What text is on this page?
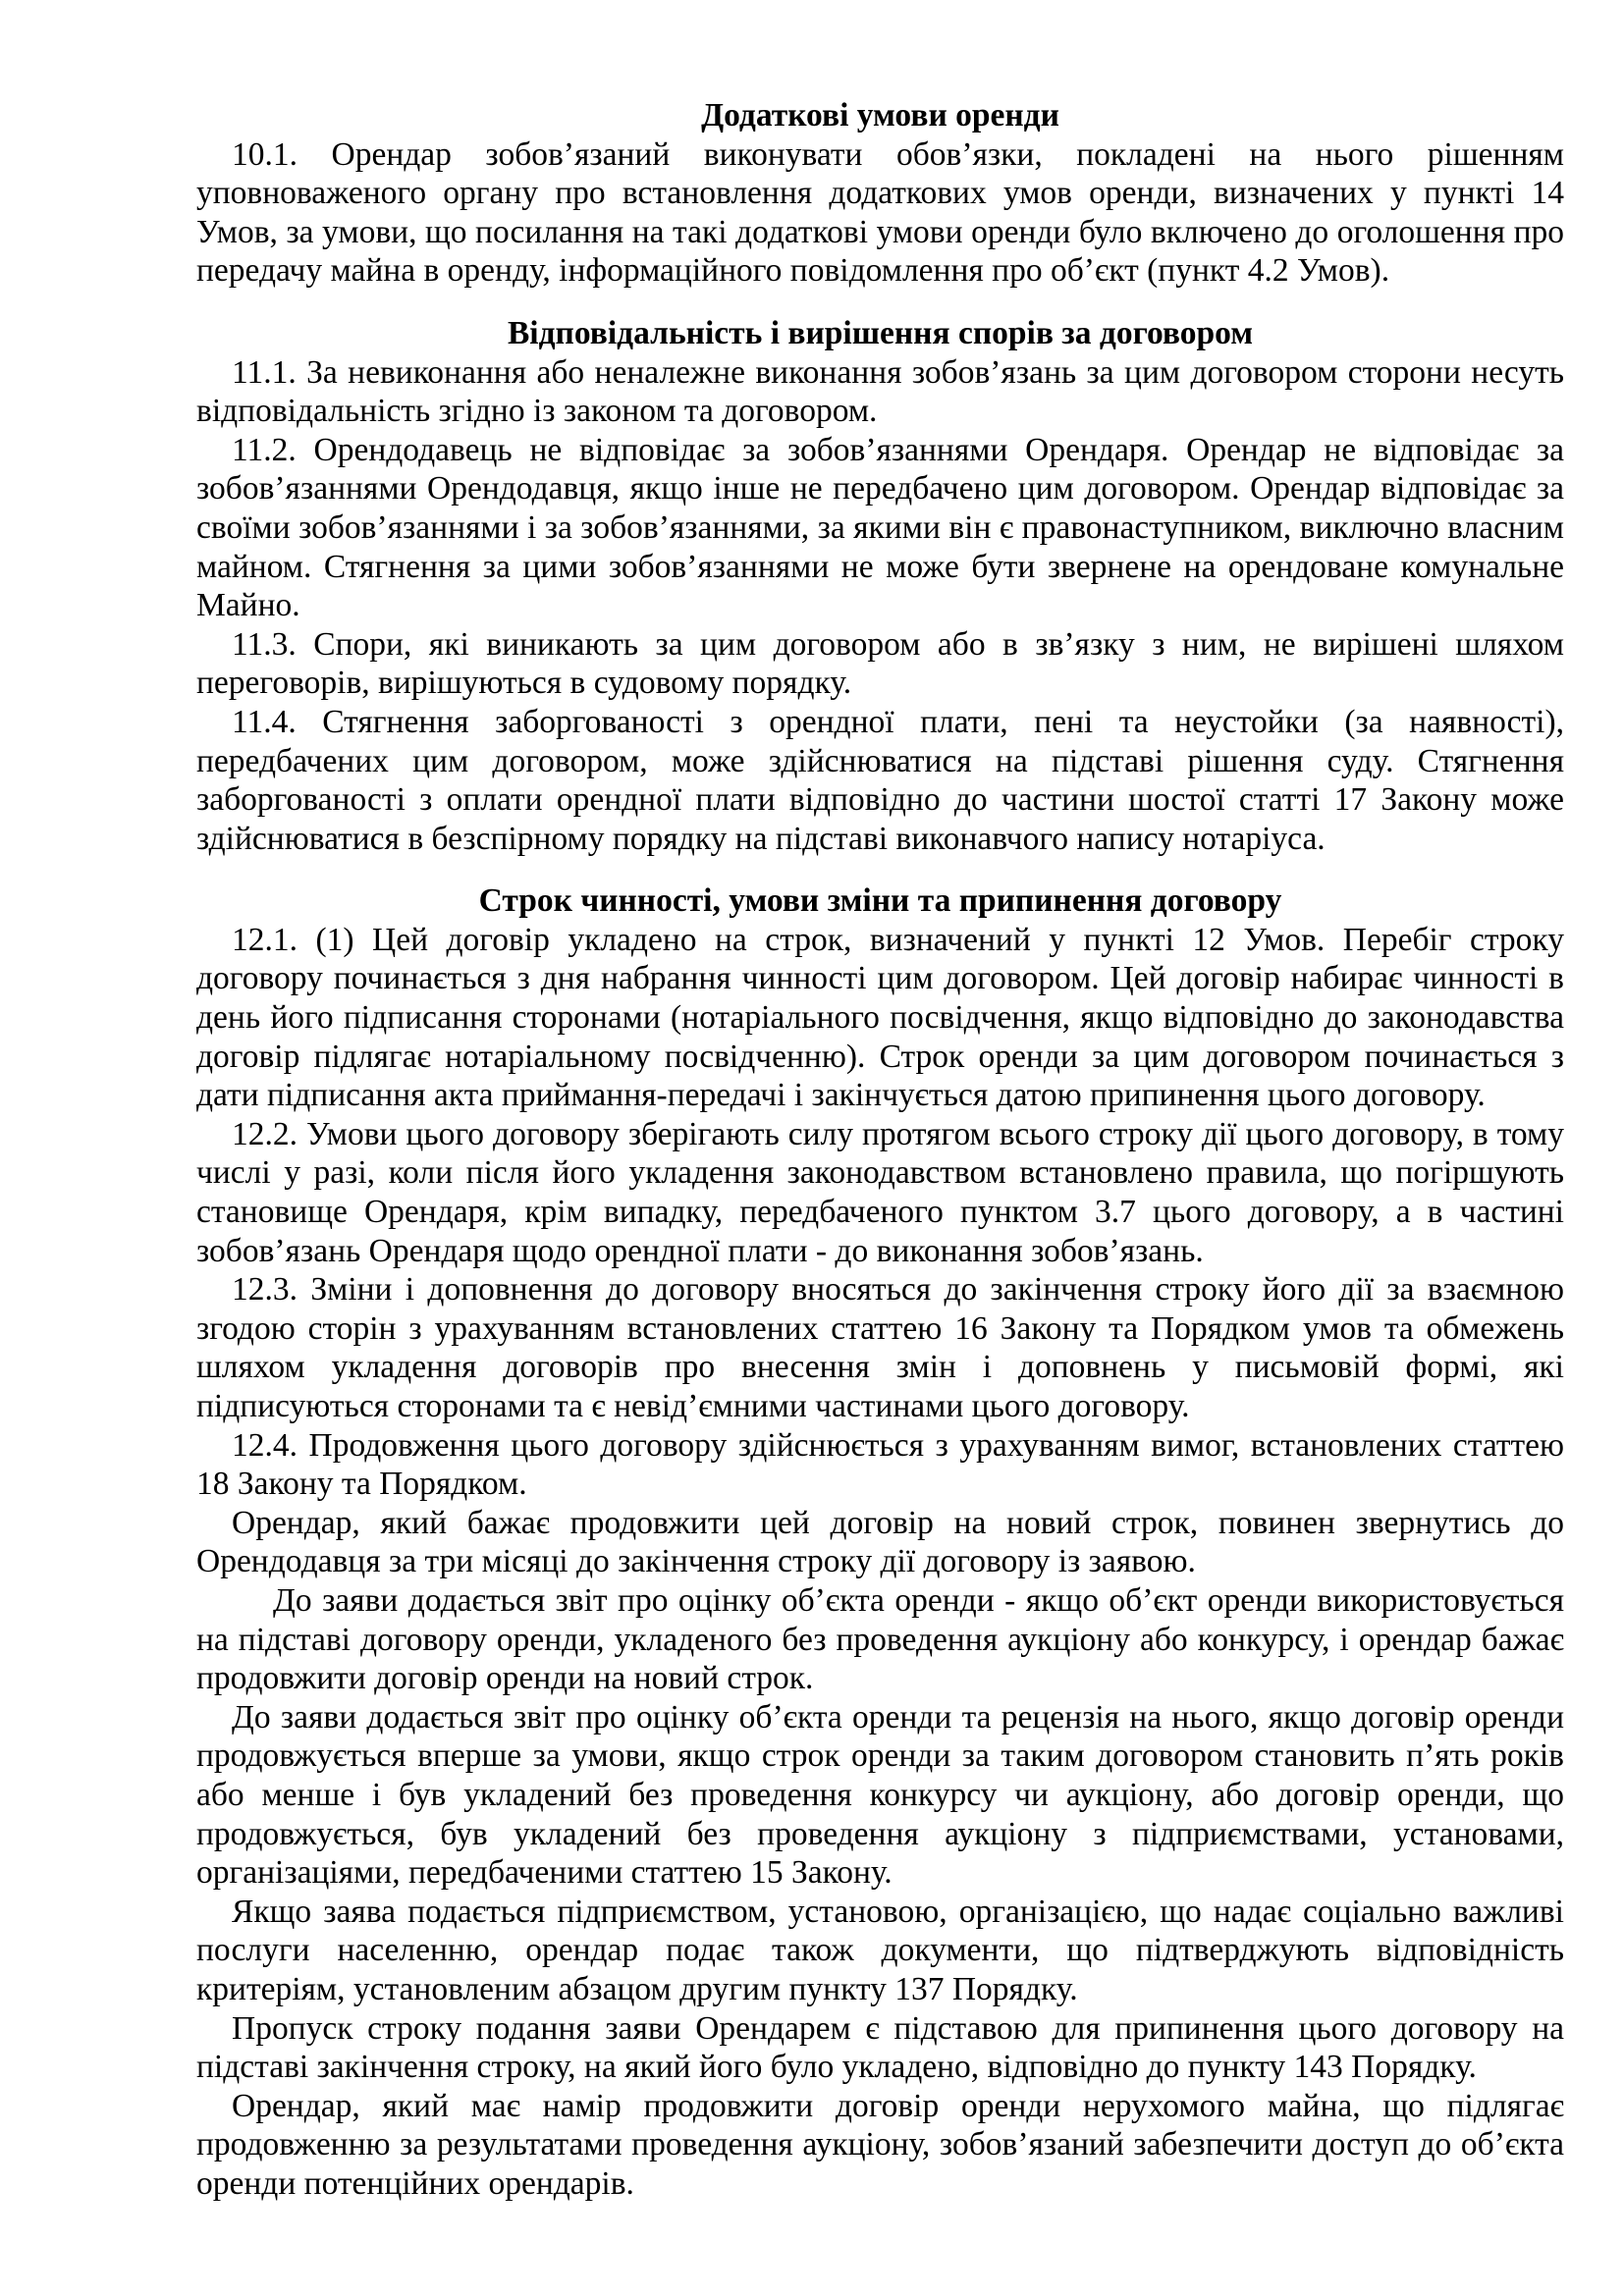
Додаткові умови оренди

10.1. Орендар зобов’язаний виконувати обов’язки, покладені на нього рішенням уповноваженого органу про встановлення додаткових умов оренди, визначених у пункті 14 Умов, за умови, що посилання на такі додаткові умови оренди було включено до оголошення про передачу майна в оренду, інформаційного повідомлення про об’єкт (пункт 4.2 Умов).

Відповідальність і вирішення спорів за договором

11.1. За невиконання або неналежне виконання зобов’язань за цим договором сторони несуть відповідальність згідно із законом та договором.

11.2. Орендодавець не відповідає за зобов’язаннями Орендаря. Орендар не відповідає за зобов’язаннями Орендодавця, якщо інше не передбачено цим договором. Орендар відповідає за своїми зобов’язаннями і за зобов’язаннями, за якими він є правонаступником, виключно власним майном. Стягнення за цими зобов’язаннями не може бути звернене на орендоване комунальне Майно.

11.3. Спори, які виникають за цим договором або в зв’язку з ним, не вирішені шляхом переговорів, вирішуються в судовому порядку.

11.4. Стягнення заборгованості з орендної плати, пені та неустойки (за наявності), передбачених цим договором, може здійснюватися на підставі рішення суду. Стягнення заборгованості з оплати орендної плати відповідно до частини шостої статті 17 Закону може здійснюватися в безспірному порядку на підставі виконавчого напису нотаріуса.

Строк чинності, умови зміни та припинення договору

12.1. (1) Цей договір укладено на строк, визначений у пункті 12 Умов. Перебіг строку договору починається з дня набрання чинності цим договором. Цей договір набирає чинності в день його підписання сторонами (нотаріального посвідчення, якщо відповідно до законодавства договір підлягає нотаріальному посвідченню). Строк оренди за цим договором починається з дати підписання акта приймання-передачі і закінчується датою припинення цього договору.

12.2. Умови цього договору зберігають силу протягом всього строку дії цього договору, в тому числі у разі, коли після його укладення законодавством встановлено правила, що погіршують становище Орендаря, крім випадку, передбаченого пунктом 3.7 цього договору, а в частині зобов’язань Орендаря щодо орендної плати - до виконання зобов’язань.

12.3. Зміни і доповнення до договору вносяться до закінчення строку його дії за взаємною згодою сторін з урахуванням встановлених статтею 16 Закону та Порядком умов та обмежень шляхом укладення договорів про внесення змін і доповнень у письмовій формі, які підписуються сторонами та є невід’ємними частинами цього договору.

12.4. Продовження цього договору здійснюється з урахуванням вимог, встановлених статтею 18 Закону та Порядком.

Орендар, який бажає продовжити цей договір на новий строк, повинен звернутись до Орендодавця за три місяці до закінчення строку дії договору із заявою.

До заяви додається звіт про оцінку об’єкта оренди - якщо об’єкт оренди використовується на підставі договору оренди, укладеного без проведення аукціону або конкурсу, і орендар бажає продовжити договір оренди на новий строк.

До заяви додається звіт про оцінку об’єкта оренди та рецензія на нього, якщо договір оренди продовжується вперше за умови, якщо строк оренди за таким договором становить п’ять років або менше і був укладений без проведення конкурсу чи аукціону, або договір оренди, що продовжується, був укладений без проведення аукціону з підприємствами, установами, організаціями, передбаченими статтею 15 Закону.

Якщо заява подається підприємством, установою, організацією, що надає соціально важливі послуги населенню, орендар подає також документи, що підтверджують відповідність критеріям, установленим абзацом другим пункту 137 Порядку.

Пропуск строку подання заяви Орендарем є підставою для припинення цього договору на підставі закінчення строку, на який його було укладено, відповідно до пункту 143 Порядку.

Орендар, який має намір продовжити договір оренди нерухомого майна, що підлягає продовженню за результатами проведення аукціону, зобов’язаний забезпечити доступ до об’єкта оренди потенційних орендарів.
